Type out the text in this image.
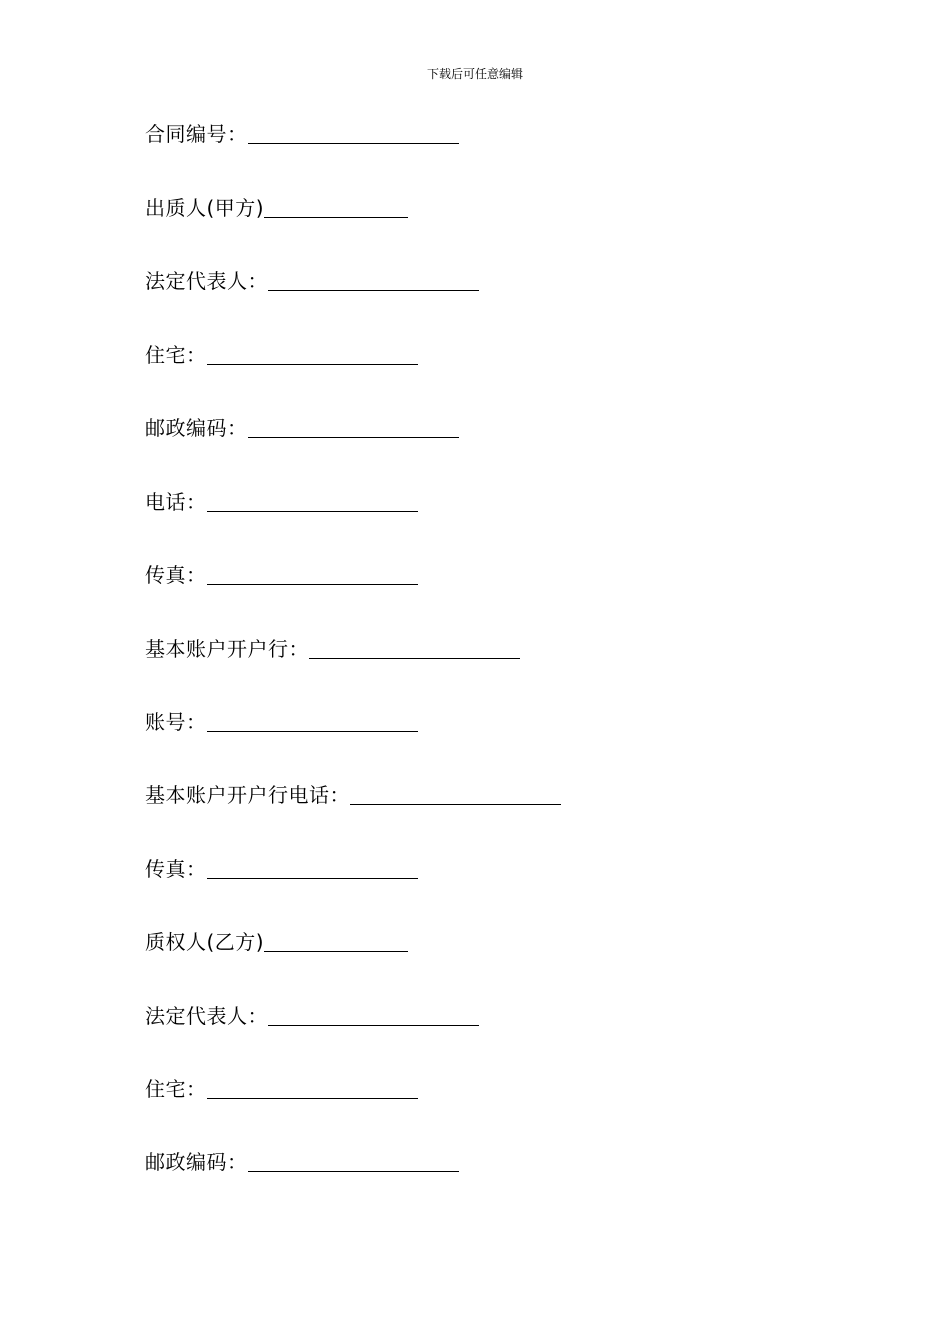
下载后可任意编辑
合同编号：
出质人(甲方)
法定代表人：
住宅：
邮政编码：
电话：
传真：
基本账户开户行：
账号：
基本账户开户行电话：
传真：
质权人(乙方)
法定代表人：
住宅：
邮政编码：
